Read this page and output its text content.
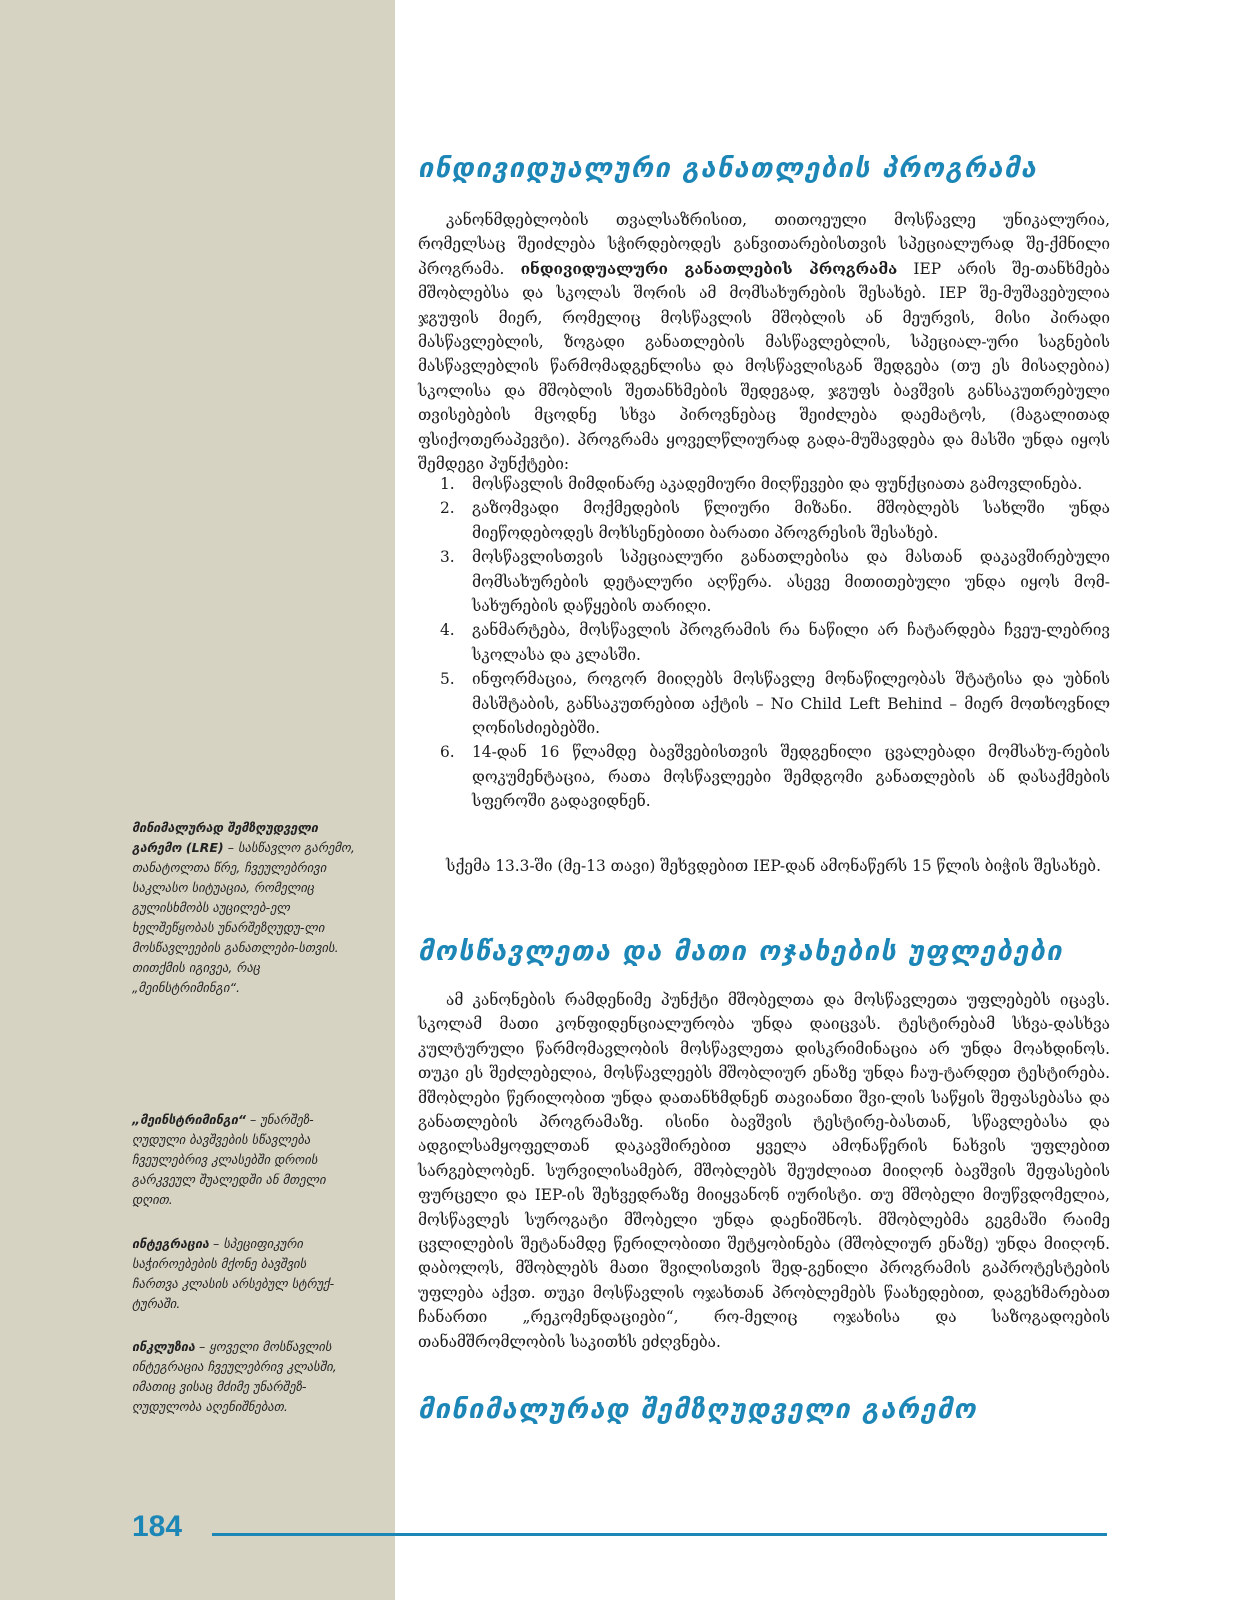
მინიმალურად შემზღუდველი გარემო (LRE) – სასწავლო გარემო, თანატოლთა წრე, ჩვეულებრივი საკლასო სიტუაცია, რომელიც გულისხმობს აუცილებ-ელ ხელშეწყობას უნარშეზღუდუ-ლი მოსწავლეების განათლები-სთვის. თითქმის იგივეა, რაც „მეინსტრიმინგი“.
„მეინსტრიმინგი“ – უნარშეზ-ღუდული ბავშვების სწავლება ჩვეულებრივ კლასებში დროის გარკვეულ შუალედში ან მთელი დღით.
ინტეგრაცია – სპეციფიკური საჭიროებების მქონე ბავშვის ჩართვა კლასის არსებულ სტრუქ-ტურაში.
ინკლუზია – ყოველი მოსწავლის ინტეგრაცია ჩვეულებრივ კლასში, იმათიც ვისაც მძიმე უნარშეზ-ღუდულობა აღენიშნებათ.
ინდივიდუალური განათლების პროგრამა

კანონმდებლობის თვალსაზრისით, თითოეული მოსწავლე უნიკალურია, რომელსაც შეიძლება სჭირდებოდეს განვითარებისთვის სპეციალურად შე-ქმნილი პროგრამა. ინდივიდუალური განათლების პროგრამა IEP არის შე-თანხმება მშობლებსა და სკოლას შორის ამ მომსახურების შესახებ. IEP შე-მუშავებულია ჯგუფის მიერ, რომელიც მოსწავლის მშობლის ან მეურვის, მისი პირადი მასწავლებლის, ზოგადი განათლების მასწავლებლის, სპეციალ-ური საგნების მასწავლებლის წარმომადგენლისა და მოსწავლისგან შედგება (თუ ეს მისაღებია) სკოლისა და მშობლის შეთანხმების შედეგად, ჯგუფს ბავშვის განსაკუთრებული თვისებების მცოდნე სხვა პიროვნებაც შეიძლება დაემატოს, (მაგალითად ფსიქოთერაპევტი). პროგრამა ყოველწლიურად გადა-მუშავდება და მასში უნდა იყოს შემდეგი პუნქტები:

1. მოსწავლის მიმდინარე აკადემიური მიღწევები და ფუნქციათა გამოვლინება.
2. გაზომვადი მოქმედების წლიური მიზანი. მშობლებს სახლში უნდა მიეწოდებოდეს მოხსენებითი ბარათი პროგრესის შესახებ.
3. მოსწავლისთვის სპეციალური განათლებისა და მასთან დაკავშირებული მომსახურების დეტალური აღწერა. ასევე მითითებული უნდა იყოს მომ-სახურების დაწყების თარიღი.
4. განმარტება, მოსწავლის პროგრამის რა ნაწილი არ ჩატარდება ჩვეუ-ლებრივ სკოლასა და კლასში.
5. ინფორმაცია, როგორ მიიღებს მოსწავლე მონაწილეობას შტატისა და უბნის მასშტაბის, განსაკუთრებით აქტის – No Child Left Behind – მიერ მოთხოვნილ ღონისძიებებში.
6. 14-დან 16 წლამდე ბავშვებისთვის შედგენილი ცვალებადი მომსახუ-რების დოკუმენტაცია, რათა მოსწავლეები შემდგომი განათლების ან დასაქმების სფეროში გადავიდნენ.

სქემა 13.3-ში (მე-13 თავი) შეხვდებით IEP-დან ამონაწერს 15 წლის ბიჭის შესახებ.

მოსწავლეთა და მათი ოჯახების უფლებები

ამ კანონების რამდენიმე პუნქტი მშობელთა და მოსწავლეთა უფლებებს იცავს. სკოლამ მათი კონფიდენციალურობა უნდა დაიცვას. ტესტირებამ სხვა-დასხვა კულტურული წარმომავლობის მოსწავლეთა დისკრიმინაცია არ უნდა მოახდინოს. თუკი ეს შეძლებელია, მოსწავლეებს მშობლიურ ენაზე უნდა ჩაუ-ტარდეთ ტესტირება. მშობლები წერილობით უნდა დათანხმდნენ თავიანთი შვი-ლის საწყის შეფასებასა და განათლების პროგრამაზე. ისინი ბავშვის ტესტირე-ბასთან, სწავლებასა და ადგილსამყოფელთან დაკავშირებით ყველა ამონაწერის ნახვის უფლებით სარგებლობენ. სურვილისამებრ, მშობლებს შეუძლიათ მიიღონ ბავშვის შეფასების ფურცელი და IEP-ის შეხვედრაზე მიიყვანონ იურისტი. თუ მშობელი მიუწვდომელია, მოსწავლეს სუროგატი მშობელი უნდა დაენიშნოს. მშობლებმა გეგმაში რაიმე ცვლილების შეტანამდე წერილობითი შეტყობინება (მშობლიურ ენაზე) უნდა მიიღონ. დაბოლოს, მშობლებს მათი შვილისთვის შედ-გენილი პროგრამის გაპროტესტების უფლება აქვთ. თუკი მოსწავლის ოჯახთან პრობლემებს წაახედებით, დაგეხმარებათ ჩანართი „რეკომენდაციები“, რო-მელიც ოჯახისა და საზოგადოების თანამშრომლობის საკითხს ეძღვნება.

მინიმალურად შემზღუდველი გარემო
184
